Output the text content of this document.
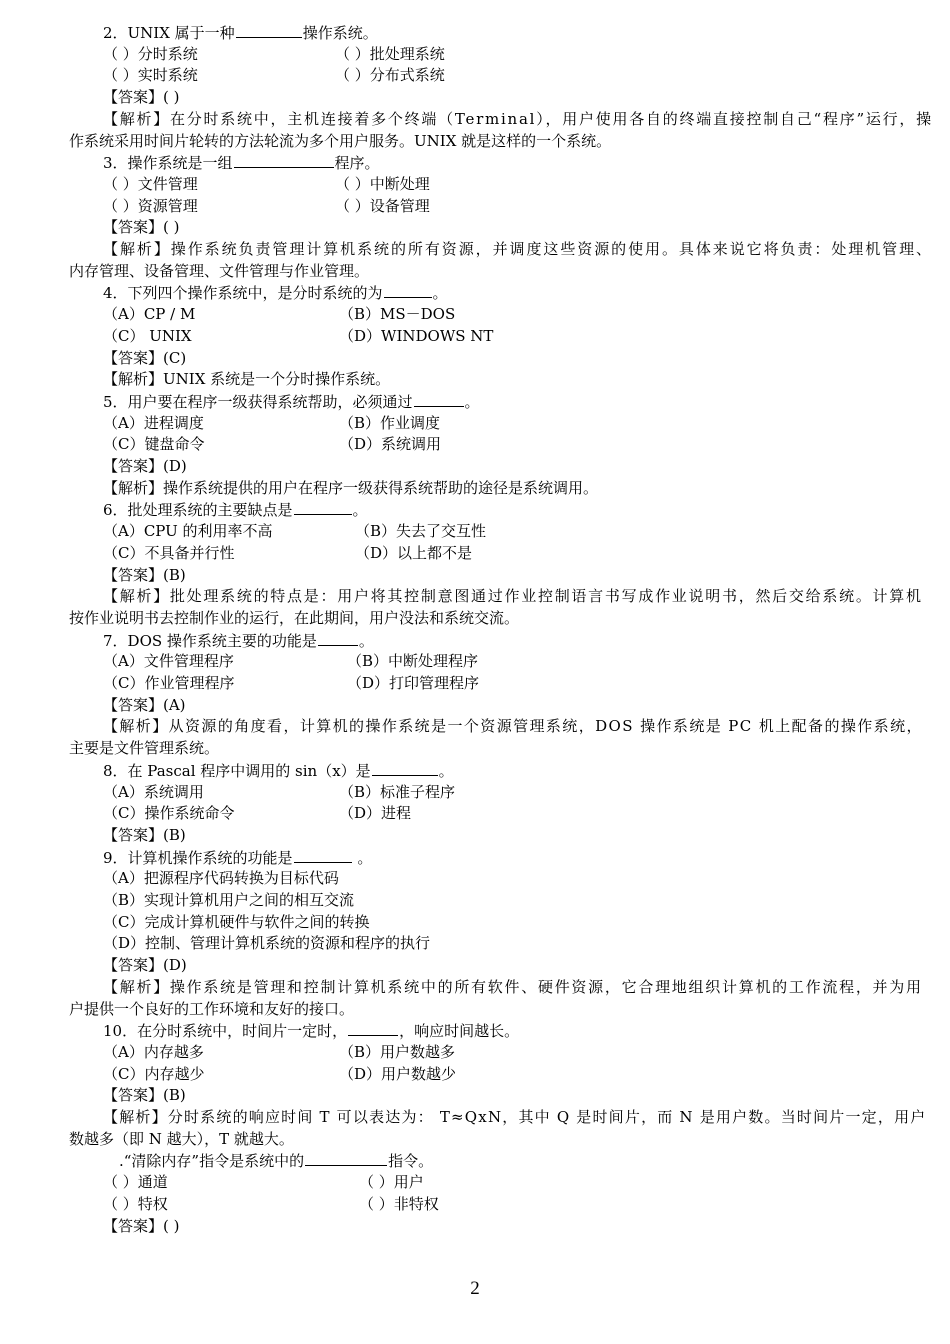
2．UNIX 属于一种	操作系统。
（ ）分时系统	（ ）批处理系统
（ ）实时系统	（ ）分布式系统
【答案】( )
【解析】在分时系统中，主机连接着多个终端（Terminal），用户使用各自的终端直接控制自己“程序”运行，操
作系统采用时间片轮转的方法轮流为多个用户服务。UNIX 就是这样的一个系统。
3．操作系统是一组	程序。
（ ）文件管理	（ ）中断处理
（ ）资源管理	（ ）设备管理
【答案】( )
【解析】操作系统负责管理计算机系统的所有资源，并调度这些资源的使用。具体来说它将负责：处理机管理、
内存管理、设备管理、文件管理与作业管理。
4．下列四个操作系统中，是分时系统的为	。
（A）CP / M	（B）MS－DOS
（C） UNIX	（D）WINDOWS NT
【答案】(C)
【解析】UNIX 系统是一个分时操作系统。
5．用户要在程序一级获得系统帮助，必须通过	。
（A）进程调度	（B）作业调度
（C）键盘命令	（D）系统调用
【答案】(D)
【解析】操作系统提供的用户在程序一级获得系统帮助的途径是系统调用。
6．批处理系统的主要缺点是	。
（A）CPU 的利用率不高	（B）失去了交互性
（C）不具备并行性	（D）以上都不是
【答案】(B)
【解析】批处理系统的特点是：用户将其控制意图通过作业控制语言书写成作业说明书，然后交给系统。计算机
按作业说明书去控制作业的运行，在此期间，用户没法和系统交流。
7．DOS 操作系统主要的功能是	。
（A）文件管理程序	（B）中断处理程序
（C）作业管理程序	（D）打印管理程序
【答案】(A)
【解析】从资源的角度看，计算机的操作系统是一个资源管理系统，DOS 操作系统是 PC 机上配备的操作系统，
主要是文件管理系统。
8．在 Pascal 程序中调用的 sin（x）是	。
（A）系统调用	（B）标准子程序
（C）操作系统命令	（D）进程
【答案】(B)
9．计算机操作系统的功能是	。
（A）把源程序代码转换为目标代码
（B）实现计算机用户之间的相互交流
（C）完成计算机硬件与软件之间的转换
（D）控制、管理计算机系统的资源和程序的执行
【答案】(D)
【解析】操作系统是管理和控制计算机系统中的所有软件、硬件资源，它合理地组织计算机的工作流程，并为用
户提供一个良好的工作环境和友好的接口。
10．在分时系统中，时间片一定时，	，响应时间越长。
（A）内存越多	（B）用户数越多
（C）内存越少	（D）用户数越少
【答案】(B)
【解析】分时系统的响应时间 T 可以表达为： T≈QxN，其中 Q 是时间片，而 N 是用户数。当时间片一定，用户
数越多（即 N 越大），T 就越大。
.“清除内存”指令是系统中的	指令。
（ ）通道	（ ）用户
（ ）特权	（ ）非特权
【答案】( )
2
